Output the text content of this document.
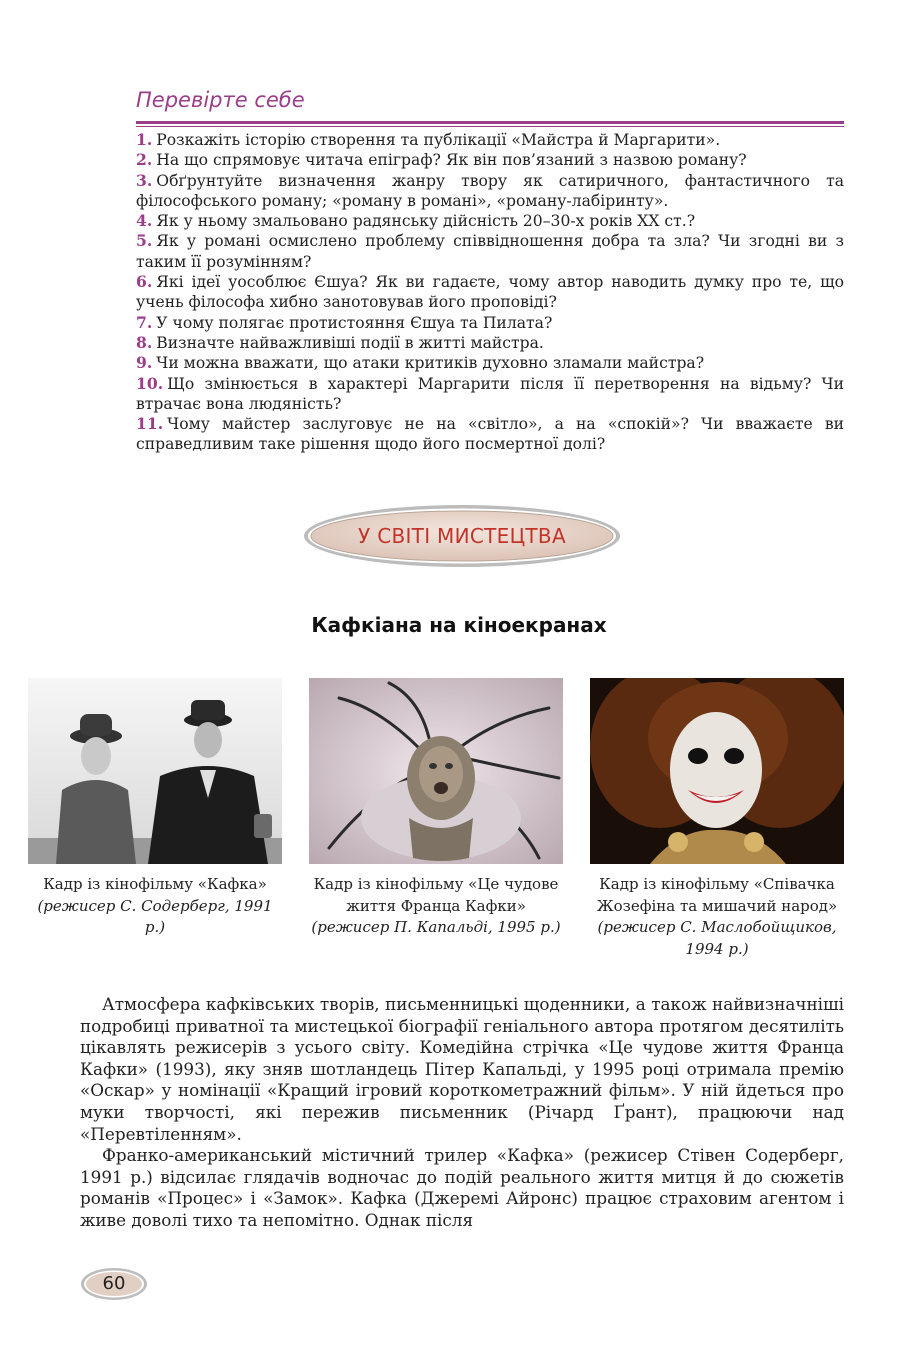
Перевірте себе
1. Розкажіть історію створення та публікації «Майстра й Маргарити».
2. На що спрямовує читача епіграф? Як він пов’язаний з назвою роману?
3. Обґрунтуйте визначення жанру твору як сатиричного, фантастичного та філософського роману; «роману в романі», «роману-лабіринту».
4. Як у ньому змальовано радянську дійсність 20–30-х років XX ст.?
5. Як у романі осмислено проблему співвідношення добра та зла? Чи згодні ви з таким її розумінням?
6. Які ідеї уособлює Єшуа? Як ви гадаєте, чому автор наводить думку про те, що учень філософа хибно занотовував його проповіді?
7. У чому полягає протистояння Єшуа та Пилата?
8. Визначте найважливіші події в житті майстра.
9. Чи можна вважати, що атаки критиків духовно зламали майстра?
10. Що змінюється в характері Маргарити після її перетворення на відьму? Чи втрачає вона людяність?
11. Чому майстер заслуговує не на «світло», а на «спокій»? Чи вважаєте ви справедливим таке рішення щодо його посмертної долі?
У СВІТІ МИСТЕЦТВА
Кафкіана на кіноекранах
Кадр із кінофільму «Кафка» (режисер С. Содерберг, 1991 р.)
Кадр із кінофільму «Це чудове життя Франца Кафки» (режисер П. Капальді, 1995 р.)
Кадр із кінофільму «Співачка Жозефіна та мишачий народ» (режисер С. Маслобойщиков, 1994 р.)

Атмосфера кафківських творів, письменницькі щоденники, а також найвизначніші подробиці приватної та мистецької біографії геніального автора протягом десятиліть цікавлять режисерів з усього світу. Комедійна стрічка «Це чудове життя Франца Кафки» (1993), яку зняв шотландець Пітер Капальді, у 1995 році отримала премію «Оскар» у номінації «Кращий ігровий короткометражний фільм». У ній йдеться про муки творчості, які пережив письменник (Річард Ґрант), працюючи над «Перевтіленням».

Франко-американський містичний трилер «Кафка» (режисер Стівен Содерберг, 1991 р.) відсилає глядачів водночас до подій реального життя митця й до сюжетів романів «Процес» і «Замок». Кафка (Джеремі Айронс) працює страховим агентом і живе доволі тихо та непомітно. Однак після

60
